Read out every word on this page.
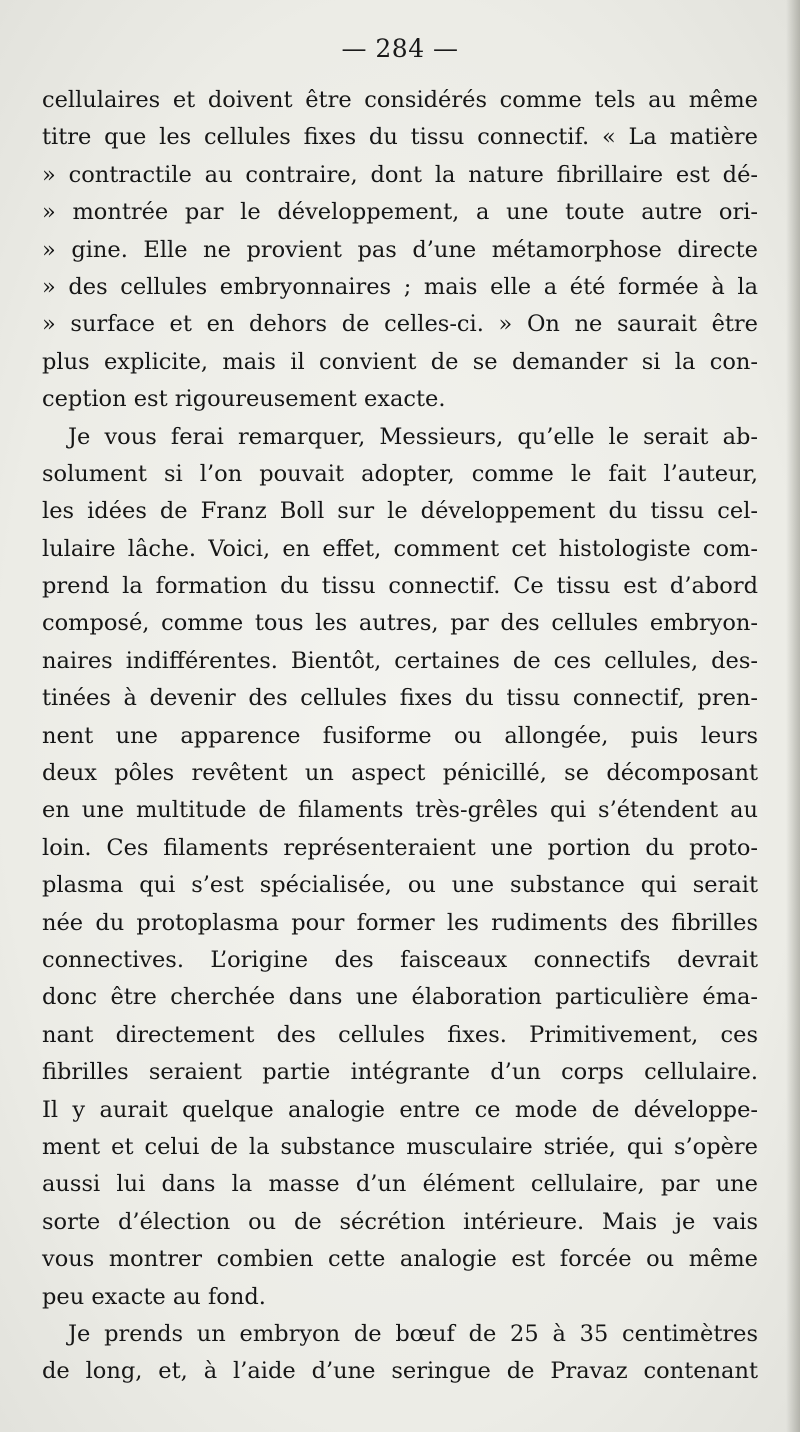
— 284 —
cellulaires et doivent être considérés comme tels au même
titre que les cellules fixes du tissu connectif. « La matière
» contractile au contraire, dont la nature fibrillaire est dé-
» montrée par le développement, a une toute autre ori-
» gine. Elle ne provient pas d’une métamorphose directe
» des cellules embryonnaires ; mais elle a été formée à la
» surface et en dehors de celles-ci. » On ne saurait être
plus explicite, mais il convient de se demander si la con-
ception est rigoureusement exacte.
Je vous ferai remarquer, Messieurs, qu’elle le serait ab-
solument si l’on pouvait adopter, comme le fait l’auteur,
les idées de Franz Boll sur le développement du tissu cel-
lulaire lâche. Voici, en effet, comment cet histologiste com-
prend la formation du tissu connectif. Ce tissu est d’abord
composé, comme tous les autres, par des cellules embryon-
naires indifférentes. Bientôt, certaines de ces cellules, des-
tinées à devenir des cellules fixes du tissu connectif, pren-
nent une apparence fusiforme ou allongée, puis leurs
deux pôles revêtent un aspect pénicillé, se décomposant
en une multitude de filaments très-grêles qui s’étendent au
loin. Ces filaments représenteraient une portion du proto-
plasma qui s’est spécialisée, ou une substance qui serait
née du protoplasma pour former les rudiments des fibrilles
connectives. L’origine des faisceaux connectifs devrait
donc être cherchée dans une élaboration particulière éma-
nant directement des cellules fixes. Primitivement, ces
fibrilles seraient partie intégrante d’un corps cellulaire.
Il y aurait quelque analogie entre ce mode de développe-
ment et celui de la substance musculaire striée, qui s’opère
aussi lui dans la masse d’un élément cellulaire, par une
sorte d’élection ou de sécrétion intérieure. Mais je vais
vous montrer combien cette analogie est forcée ou même
peu exacte au fond.
Je prends un embryon de bœuf de 25 à 35 centimètres
de long, et, à l’aide d’une seringue de Pravaz contenant
